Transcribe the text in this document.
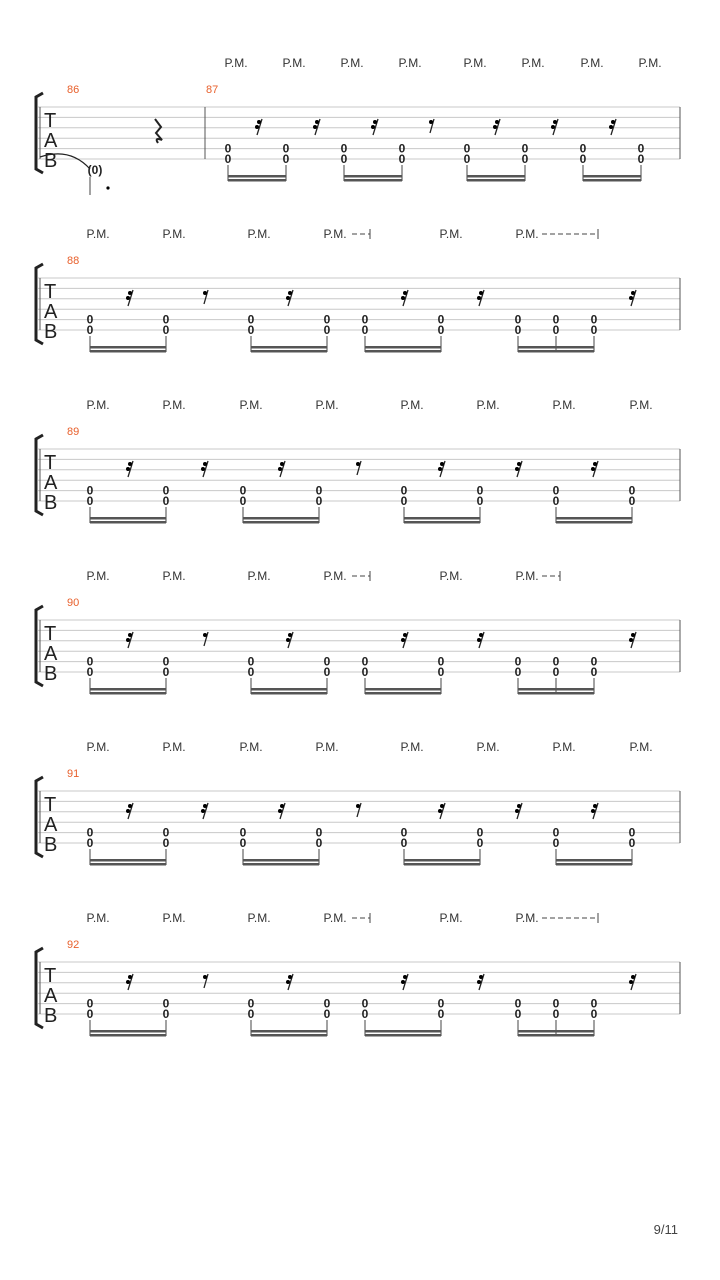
T
A
B
86	87
(0)
0
0
0
0
0
0
0
0
0
0
0
0
0
0
0
0
P.M.	P.M.	P.M.	P.M.	P.M.	P.M.	P.M.	P.M.
T
A
B
88
0
0
0
0
0
0
0
0
0
0
0
0
0
0
0
0
0
0
P.M.	P.M.	P.M.	P.M.	P.M.	P.M.
T
A
B
89
0
0
0
0
0
0
0
0
0
0
0
0
0
0
0
0
P.M.	P.M.	P.M.	P.M.	P.M.	P.M.	P.M.	P.M.
T
A
B
90
0
0
0
0
0
0
0
0
0
0
0
0
0
0
0
0
0
0
P.M.	P.M.	P.M.	P.M.	P.M.	P.M.
T
A
B
91
0
0
0
0
0
0
0
0
0
0
0
0
0
0
0
0
P.M.	P.M.	P.M.	P.M.	P.M.	P.M.	P.M.	P.M.
T
A
B
92
0
0
0
0
0
0
0
0
0
0
0
0
0
0
0
0
0
0
P.M.	P.M.	P.M.	P.M.	P.M.	P.M.
9/11
